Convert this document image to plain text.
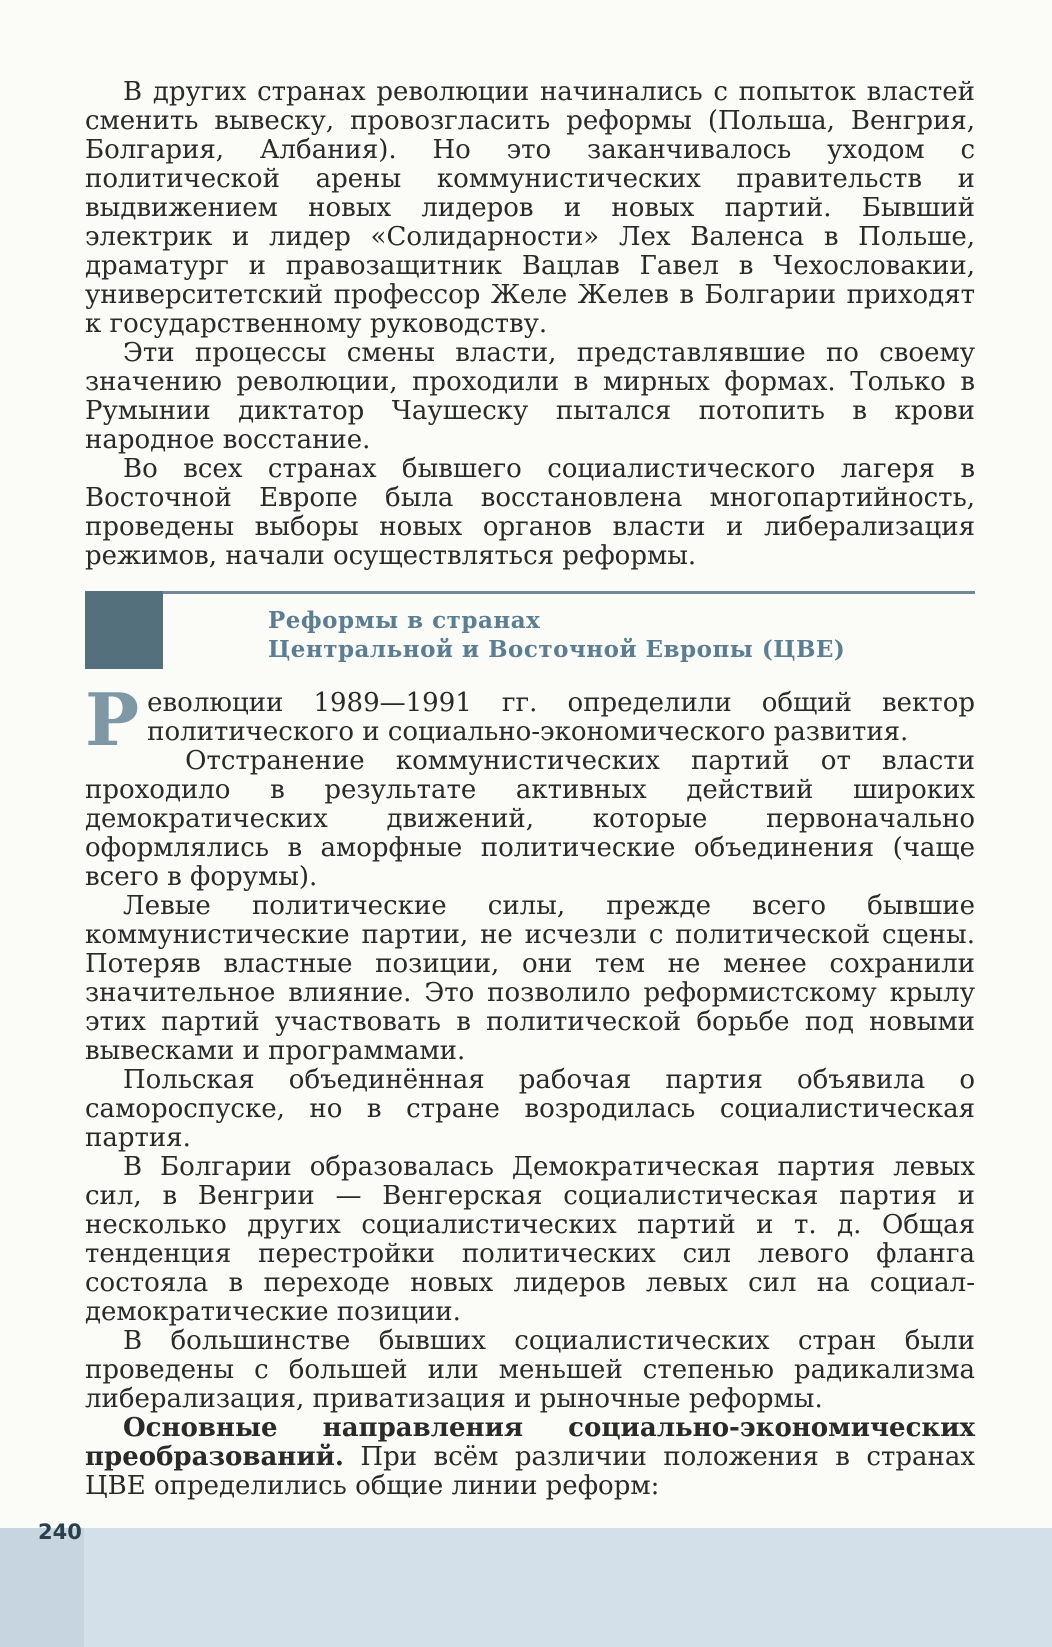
В других странах революции начинались с попыток властей сменить вывеску, провозгласить реформы (Польша, Венгрия, Болгария, Албания). Но это заканчивалось уходом с политической арены коммунистических правительств и выдвижением новых лидеров и новых партий. Бывший электрик и лидер «Солидарности» Лех Валенса в Польше, драматург и правозащитник Вацлав Гавел в Чехословакии, университетский профессор Желе Желев в Болгарии приходят к государственному руководству.

Эти процессы смены власти, представлявшие по своему значению революции, проходили в мирных формах. Только в Румынии диктатор Чаушеску пытался потопить в крови народное восстание.

Во всех странах бывшего социалистического лагеря в Восточной Европе была восстановлена многопартийность, проведены выборы новых органов власти и либерализация режимов, начали осуществляться реформы.

Реформы в странах
Центральной и Восточной Европы (ЦВЕ)

Революции 1989—1991 гг. определили общий вектор политического и социально-экономического развития.

Отстранение коммунистических партий от власти проходило в результате активных действий широких демократических движений, которые первоначально оформлялись в аморфные политические объединения (чаще всего в форумы).

Левые политические силы, прежде всего бывшие коммунистические партии, не исчезли с политической сцены. Потеряв властные позиции, они тем не менее сохранили значительное влияние. Это позволило реформистскому крылу этих партий участвовать в политической борьбе под новыми вывесками и программами.

Польская объединённая рабочая партия объявила о самороспуске, но в стране возродилась социалистическая партия.

В Болгарии образовалась Демократическая партия левых сил, в Венгрии — Венгерская социалистическая партия и несколько других социалистических партий и т. д. Общая тенденция перестройки политических сил левого фланга состояла в переходе новых лидеров левых сил на социал-демократические позиции.

В большинстве бывших социалистических стран были проведены с большей или меньшей степенью радикализма либерализация, приватизация и рыночные реформы.

Основные направления социально-экономических преобразований. При всём различии положения в странах ЦВЕ определились общие линии реформ:

240
